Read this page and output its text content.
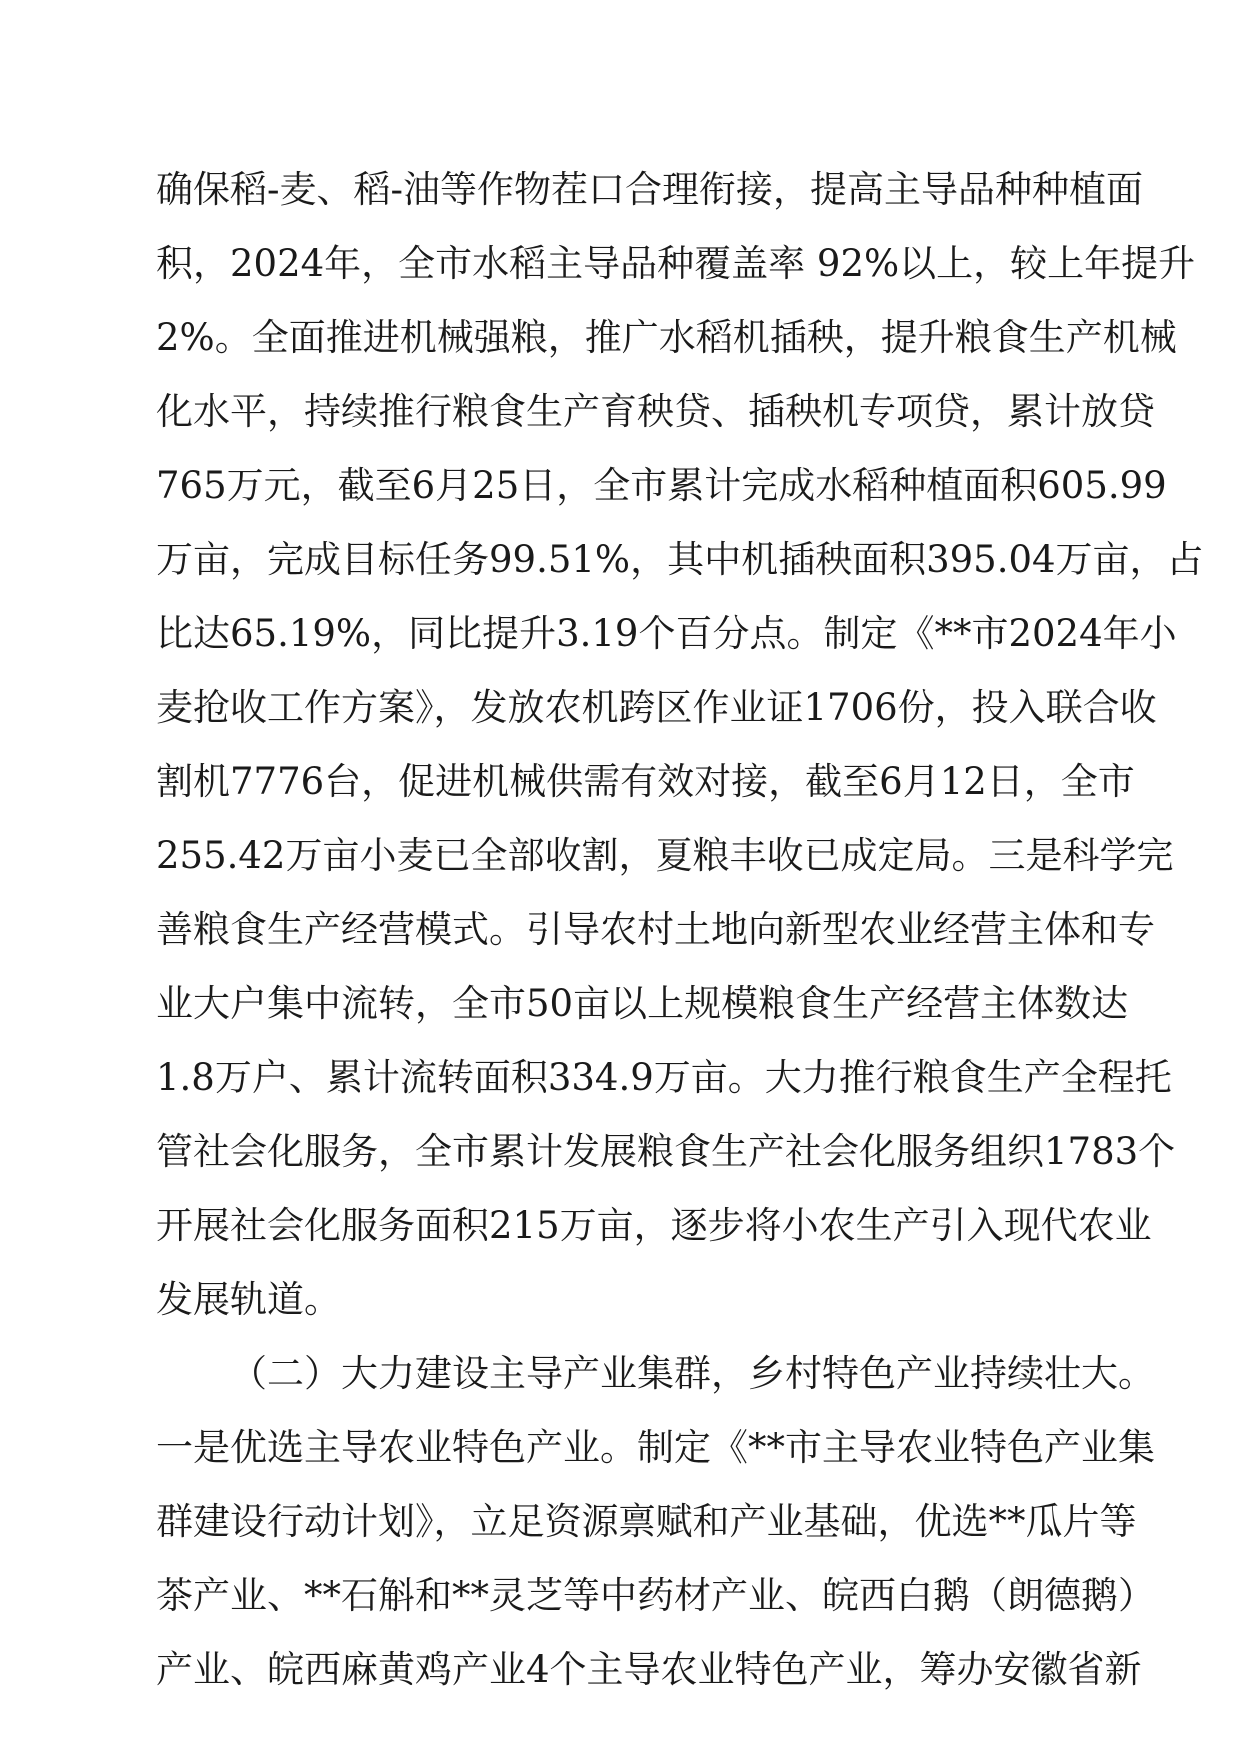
确保稻-麦、稻-油等作物茬口合理衔接，提高主导品种种植面
积，2024年，全市水稻主导品种覆盖率 92%以上，较上年提升
2%。全面推进机械强粮，推广水稻机插秧，提升粮食生产机械
化水平，持续推行粮食生产育秧贷、插秧机专项贷，累计放贷
765万元，截至6月25日，全市累计完成水稻种植面积605.99
万亩，完成目标任务99.51%，其中机插秧面积395.04万亩，占
比达65.19%，同比提升3.19个百分点。制定《**市2024年小
麦抢收工作方案》，发放农机跨区作业证1706份，投入联合收
割机7776台，促进机械供需有效对接，截至6月12日，全市
255.42万亩小麦已全部收割，夏粮丰收已成定局。三是科学完
善粮食生产经营模式。引导农村土地向新型农业经营主体和专
业大户集中流转，全市50亩以上规模粮食生产经营主体数达
1.8万户、累计流转面积334.9万亩。大力推行粮食生产全程托
管社会化服务，全市累计发展粮食生产社会化服务组织1783个
开展社会化服务面积215万亩，逐步将小农生产引入现代农业
发展轨道。
（二）大力建设主导产业集群，乡村特色产业持续壮大。
一是优选主导农业特色产业。制定《**市主导农业特色产业集
群建设行动计划》，立足资源禀赋和产业基础，优选**瓜片等
茶产业、**石斛和**灵芝等中药材产业、皖西白鹅（朗德鹅）
产业、皖西麻黄鸡产业4个主导农业特色产业，筹办安徽省新
